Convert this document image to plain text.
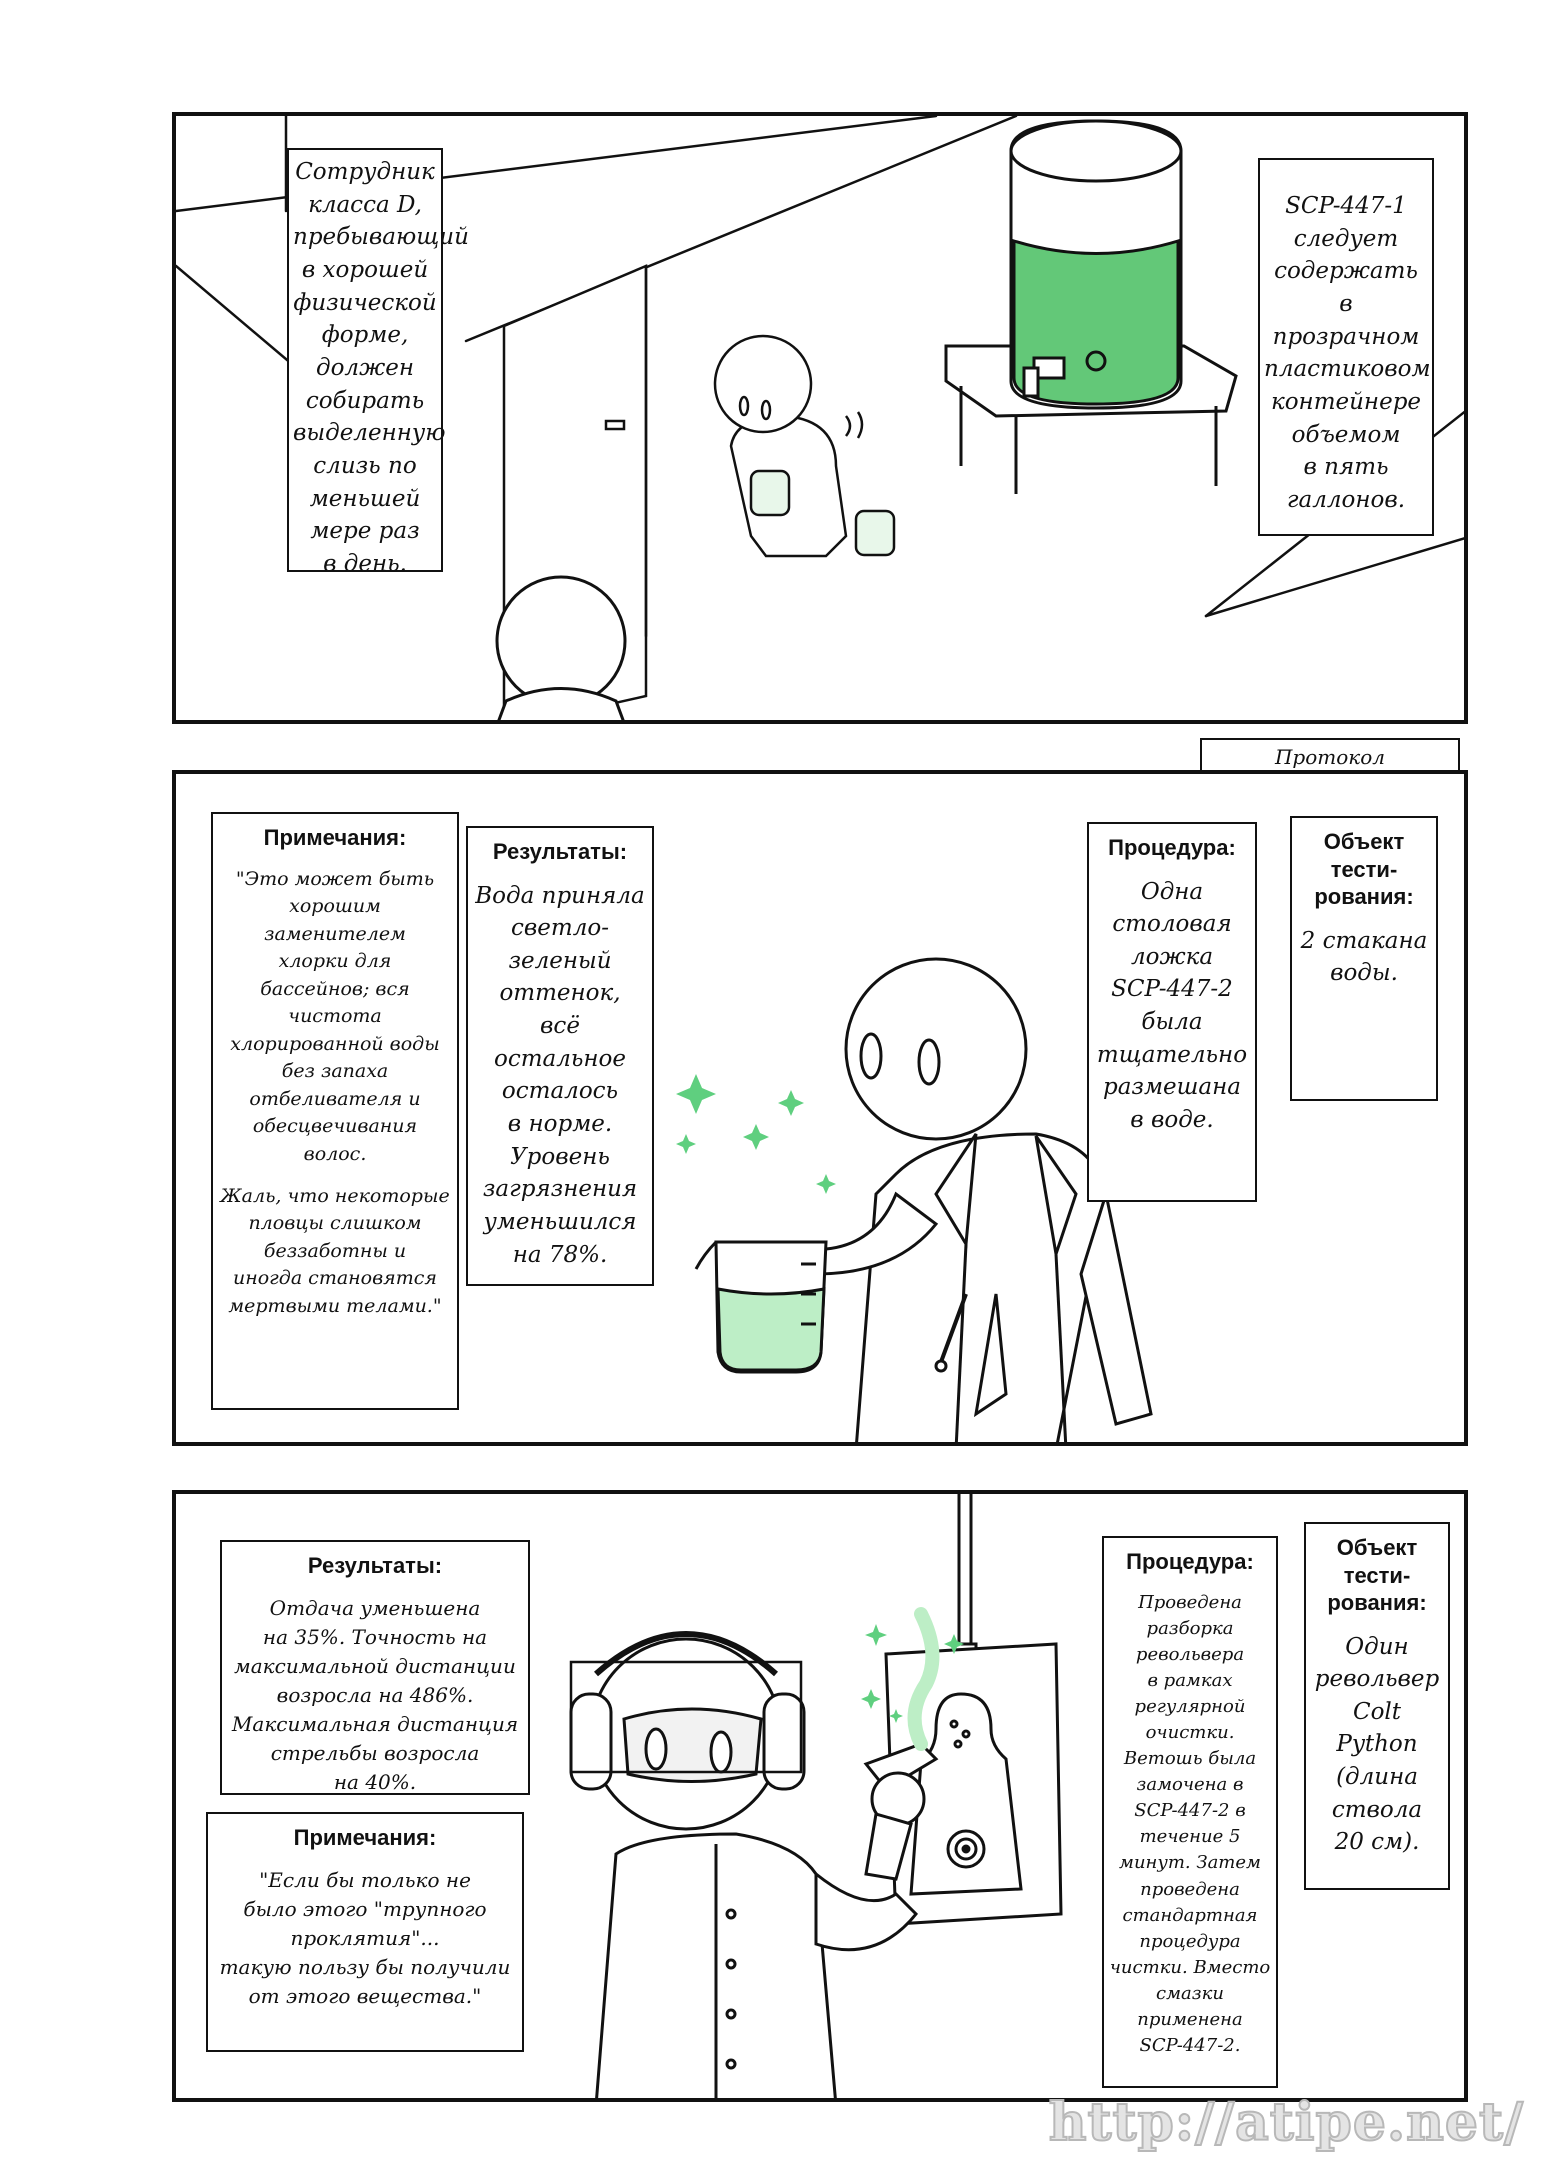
Сотрудник
класса D,
пребывающий
в хорошей
физической
форме,
должен
собирать
выделенную
слизь по
меньшей
мере раз
в день.
SCP-447-1
следует
содержать в
прозрачном
пластиковом
контейнере
объемом
в пять
галлонов.
Протокол

Примечания:
"Это может быть
хорошим
заменителем
хлорки для
бассейнов; вся
чистота
хлорированной воды
без запаха
отбеливателя и
обесцвечивания
волос.
Жаль, что некоторые
пловцы слишком
беззаботны и
иногда становятся
мертвыми телами."
Результаты:
Вода приняла
светло-
зеленый
оттенок,
всё остальное
осталось
в норме.
Уровень
загрязнения
уменьшился
на 78%.
Процедура:
Одна
столовая
ложка
SCP-447-2
была
тщательно
размешана
в воде.
Объект
тести-
рования:
2 стакана
воды.
Результаты:
Отдача уменьшена
на 35%. Точность на
максимальной дистанции
возросла на 486%.
Максимальная дистанция
стрельбы возросла
на 40%.
Примечания:
"Если бы только не
было этого "трупного
проклятия"...
такую пользу бы получили
от этого вещества."
Процедура:
Проведена
разборка
револьвера
в рамках
регулярной
очистки.
Ветошь была
замочена в
SCP-447-2 в
течение 5
минут. Затем
проведена
стандартная
процедура
чистки. Вместо
смазки применена
SCP-447-2.
Объект
тести-
рования:
Один
револьвер
Colt Python
(длина
ствола
20 см).
http://atipe.net/
